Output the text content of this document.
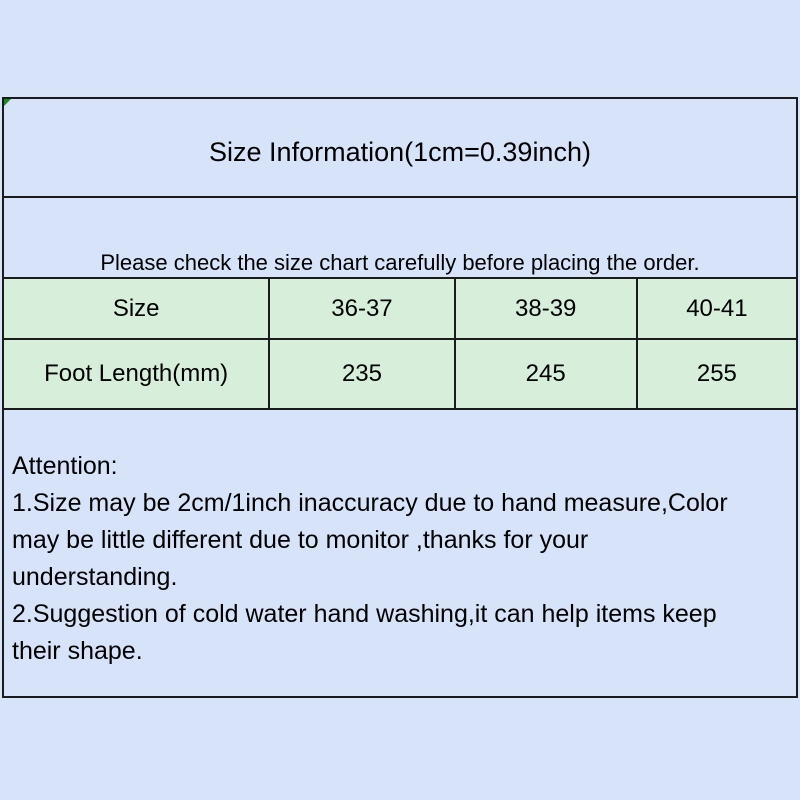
Size Information(1cm=0.39inch)
Please check the size chart carefully before placing the order.
Size	36-37	38-39	40-41
Foot Length(mm)	235	245	255
Attention:
1.Size may be 2cm/1inch inaccuracy due to hand measure,Color
may be little different due to monitor ,thanks for your
understanding.
2.Suggestion of cold water hand washing,it can help items keep
their shape.
